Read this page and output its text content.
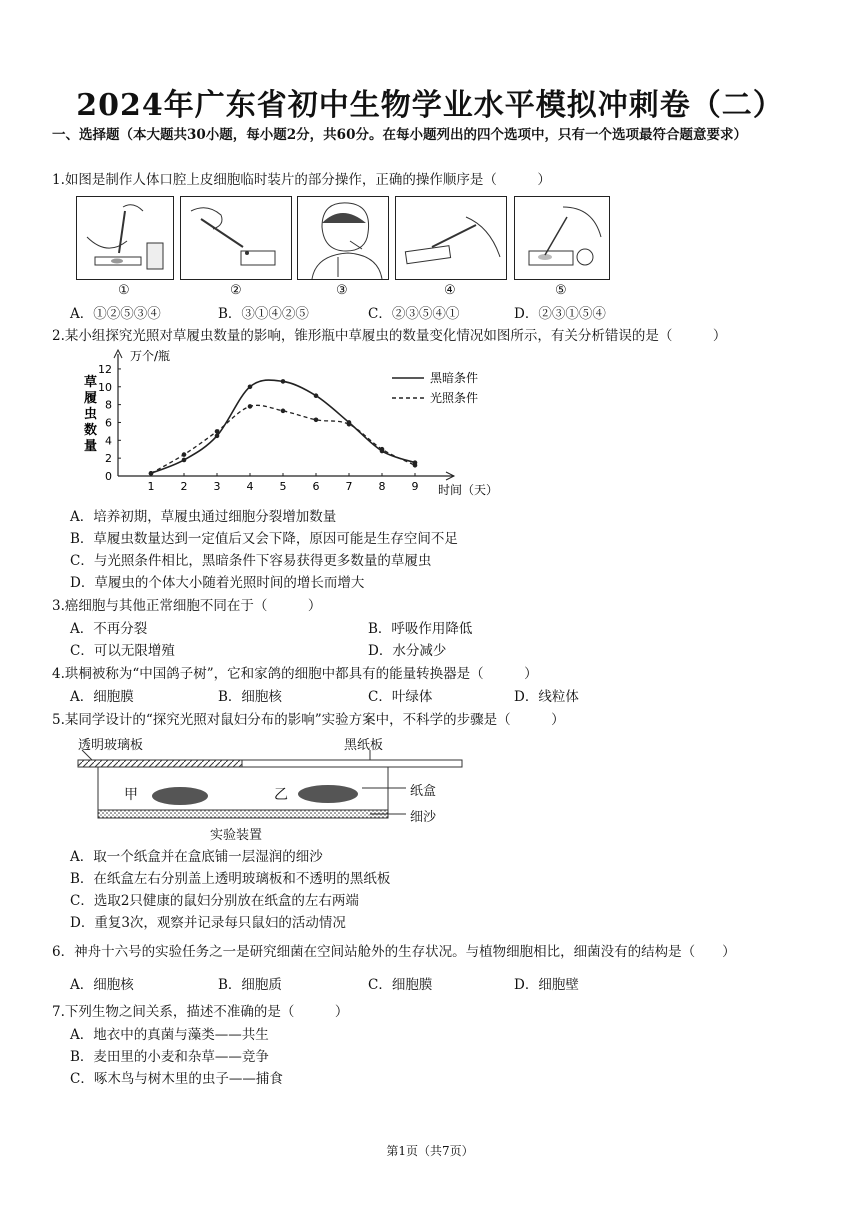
2024年广东省初中生物学业水平模拟冲刺卷（二）
一、选择题（本大题共30小题，每小题2分，共60分。在每小题列出的四个选项中，只有一个选项最符合题意要求）
1.如图是制作人体口腔上皮细胞临时装片的部分操作，正确的操作顺序是（　　　）
①	②	③	④	⑤
A．①②⑤③④	B．③①④②⑤	C．②③⑤④①	D．②③①⑤④
2.某小组探究光照对草履虫数量的影响，锥形瓶中草履虫的数量变化情况如图所示，有关分析错误的是（　　　）
1 2 3 4 5 6 7 8 9
0
2
4
6
8
10
12
万个/瓶
草履虫数量
时间（天）
黑暗条件
光照条件
A．培养初期，草履虫通过细胞分裂增加数量
B．草履虫数量达到一定值后又会下降，原因可能是生存空间不足
C．与光照条件相比，黑暗条件下容易获得更多数量的草履虫
D．草履虫的个体大小随着光照时间的增长而增大
3.癌细胞与其他正常细胞不同在于（　　　）
A．不再分裂	B．呼吸作用降低
C．可以无限增殖	D．水分减少
4.珙桐被称为“中国鸽子树”，它和家鸽的细胞中都具有的能量转换器是（　　　）
A．细胞膜	B．细胞核	C．叶绿体	D．线粒体
5.某同学设计的“探究光照对鼠妇分布的影响”实验方案中，不科学的步骤是（　　　）
透明玻璃板	黑纸板
甲	乙	纸盒
细沙
实验装置
A．取一个纸盒并在盒底铺一层湿润的细沙
B．在纸盒左右分别盖上透明玻璃板和不透明的黑纸板
C．选取2只健康的鼠妇分别放在纸盒的左右两端
D．重复3次，观察并记录每只鼠妇的活动情况
6．神舟十六号的实验任务之一是研究细菌在空间站舱外的生存状况。与植物细胞相比，细菌没有的结构是（　　）
A．细胞核	B．细胞质	C．细胞膜	D．细胞壁
7.下列生物之间关系，描述不准确的是（　　　）
A．地衣中的真菌与藻类——共生
B．麦田里的小麦和杂草——竞争
C．啄木鸟与树木里的虫子——捕食
第1页（共7页）
